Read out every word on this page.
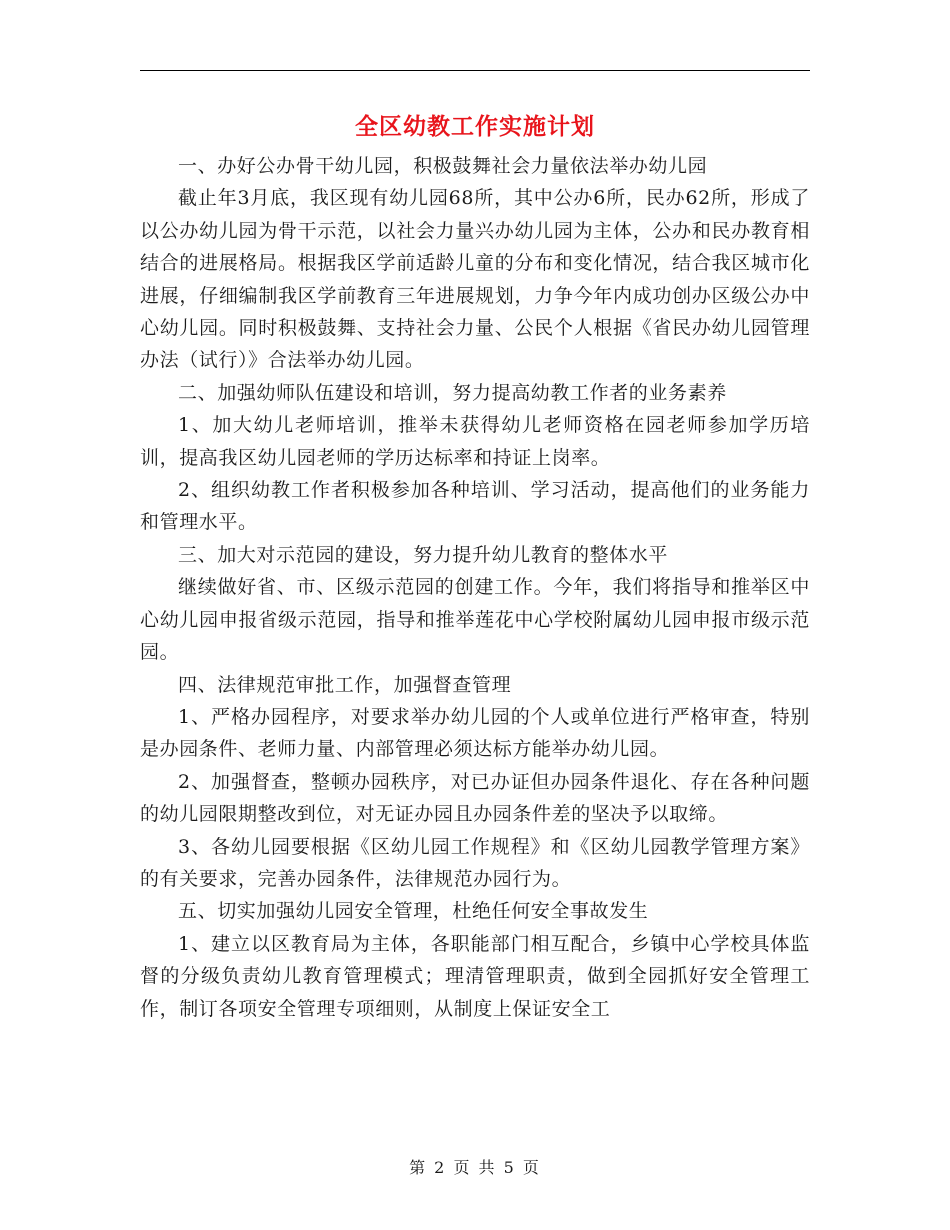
全区幼教工作实施计划

一、办好公办骨干幼儿园，积极鼓舞社会力量依法举办幼儿园

截止年3月底，我区现有幼儿园68所，其中公办6所，民办62所，形成了以公办幼儿园为骨干示范，以社会力量兴办幼儿园为主体，公办和民办教育相结合的进展格局。根据我区学前适龄儿童的分布和变化情况，结合我区城市化进展，仔细编制我区学前教育三年进展规划，力争今年内成功创办区级公办中心幼儿园。同时积极鼓舞、支持社会力量、公民个人根据《省民办幼儿园管理办法（试行）》合法举办幼儿园。

二、加强幼师队伍建设和培训，努力提高幼教工作者的业务素养

1、加大幼儿老师培训，推举未获得幼儿老师资格在园老师参加学历培训，提高我区幼儿园老师的学历达标率和持证上岗率。

2、组织幼教工作者积极参加各种培训、学习活动，提高他们的业务能力和管理水平。

三、加大对示范园的建设，努力提升幼儿教育的整体水平

继续做好省、市、区级示范园的创建工作。今年，我们将指导和推举区中心幼儿园申报省级示范园，指导和推举莲花中心学校附属幼儿园申报市级示范园。

四、法律规范审批工作，加强督查管理

1、严格办园程序，对要求举办幼儿园的个人或单位进行严格审查，特别是办园条件、老师力量、内部管理必须达标方能举办幼儿园。

2、加强督查，整顿办园秩序，对已办证但办园条件退化、存在各种问题的幼儿园限期整改到位，对无证办园且办园条件差的坚决予以取缔。

3、各幼儿园要根据《区幼儿园工作规程》和《区幼儿园教学管理方案》的有关要求，完善办园条件，法律规范办园行为。

五、切实加强幼儿园安全管理，杜绝任何安全事故发生

1、建立以区教育局为主体，各职能部门相互配合，乡镇中心学校具体监督的分级负责幼儿教育管理模式；理清管理职责，做到全园抓好安全管理工作，制订各项安全管理专项细则，从制度上保证安全工

第 2 页 共 5 页
